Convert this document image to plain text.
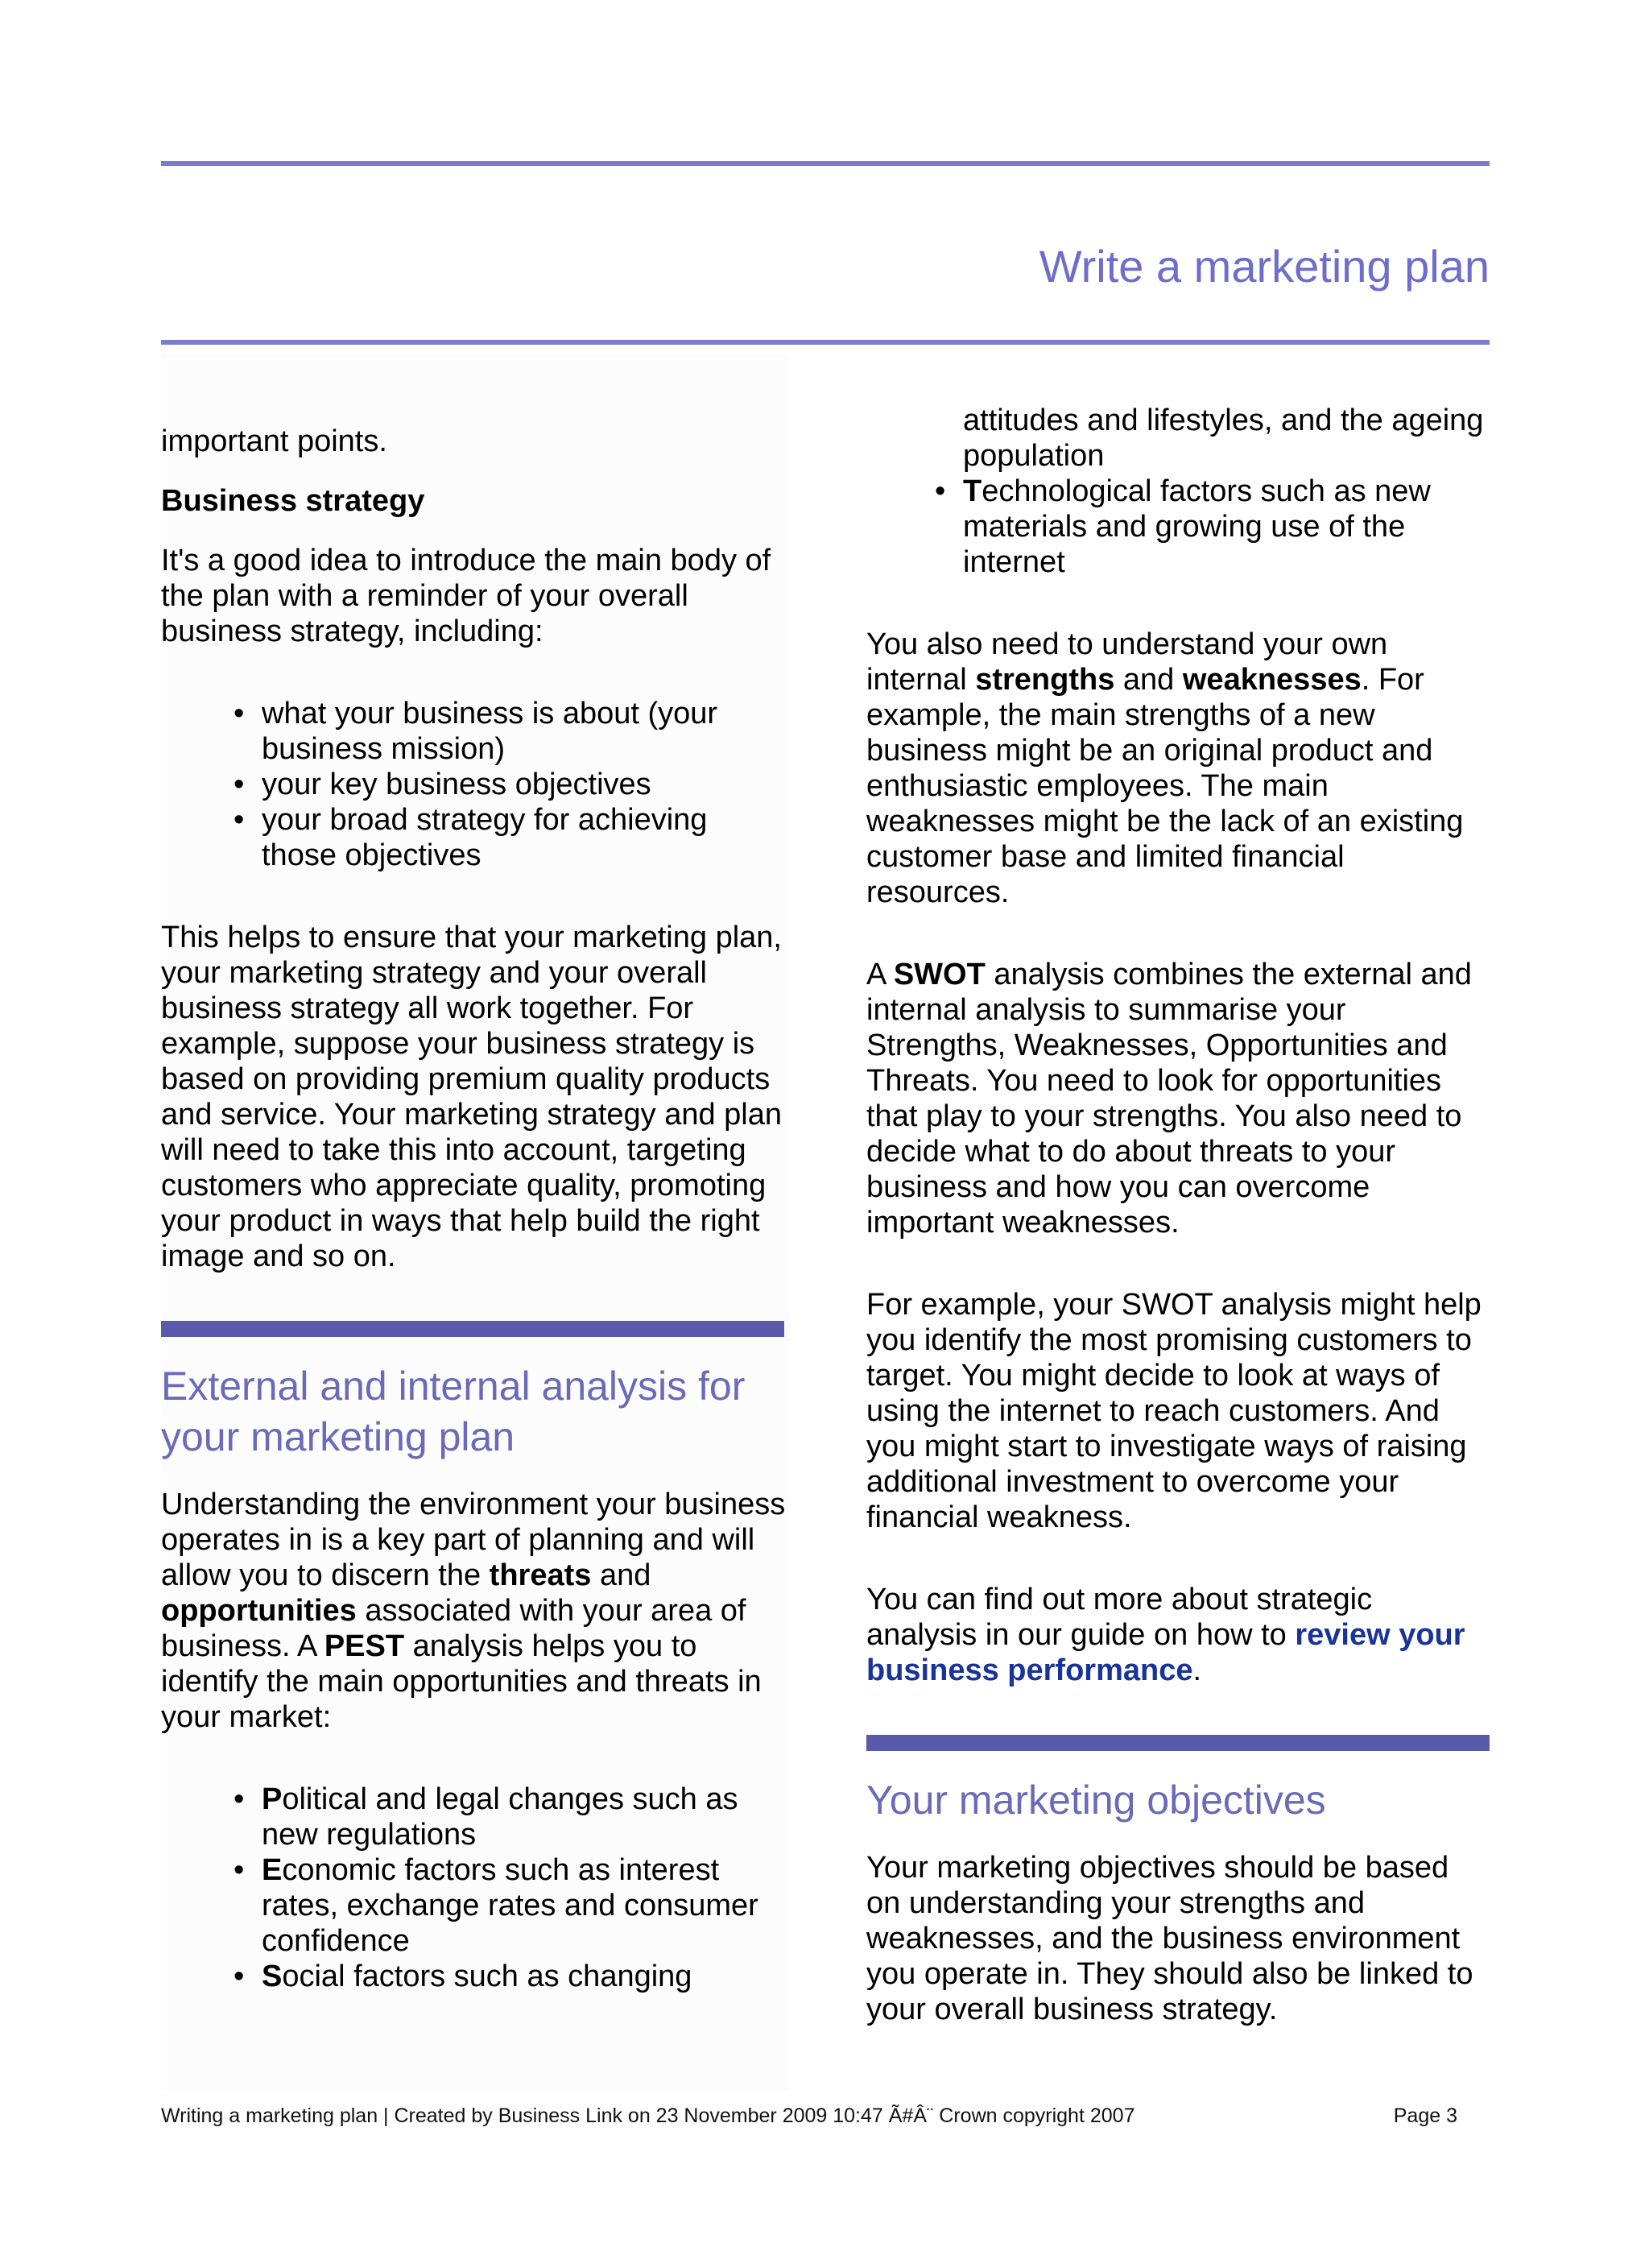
Write a marketing plan

important points.

Business strategy

It's a good idea to introduce the main body of the plan with a reminder of your overall business strategy, including:

• what your business is about (your business mission)
• your key business objectives
• your broad strategy for achieving those objectives

This helps to ensure that your marketing plan, your marketing strategy and your overall business strategy all work together. For example, suppose your business strategy is based on providing premium quality products and service. Your marketing strategy and plan will need to take this into account, targeting customers who appreciate quality, promoting your product in ways that help build the right image and so on.

External and internal analysis for your marketing plan

Understanding the environment your business operates in is a key part of planning and will allow you to discern the threats and opportunities associated with your area of business. A PEST analysis helps you to identify the main opportunities and threats in your market:

• Political and legal changes such as new regulations
• Economic factors such as interest rates, exchange rates and consumer confidence
• Social factors such as changing
attitudes and lifestyles, and the ageing population
• Technological factors such as new materials and growing use of the internet

You also need to understand your own internal strengths and weaknesses. For example, the main strengths of a new business might be an original product and enthusiastic employees. The main weaknesses might be the lack of an existing customer base and limited financial resources.

A SWOT analysis combines the external and internal analysis to summarise your Strengths, Weaknesses, Opportunities and Threats. You need to look for opportunities that play to your strengths. You also need to decide what to do about threats to your business and how you can overcome important weaknesses.

For example, your SWOT analysis might help you identify the most promising customers to target. You might decide to look at ways of using the internet to reach customers. And you might start to investigate ways of raising additional investment to overcome your financial weakness.

You can find out more about strategic analysis in our guide on how to review your business performance.

Your marketing objectives

Your marketing objectives should be based on understanding your strengths and weaknesses, and the business environment you operate in. They should also be linked to your overall business strategy.

Writing a marketing plan | Created by Business Link on 23 November 2009 10:47 Ã#Â¨ Crown copyright 2007	Page 3
